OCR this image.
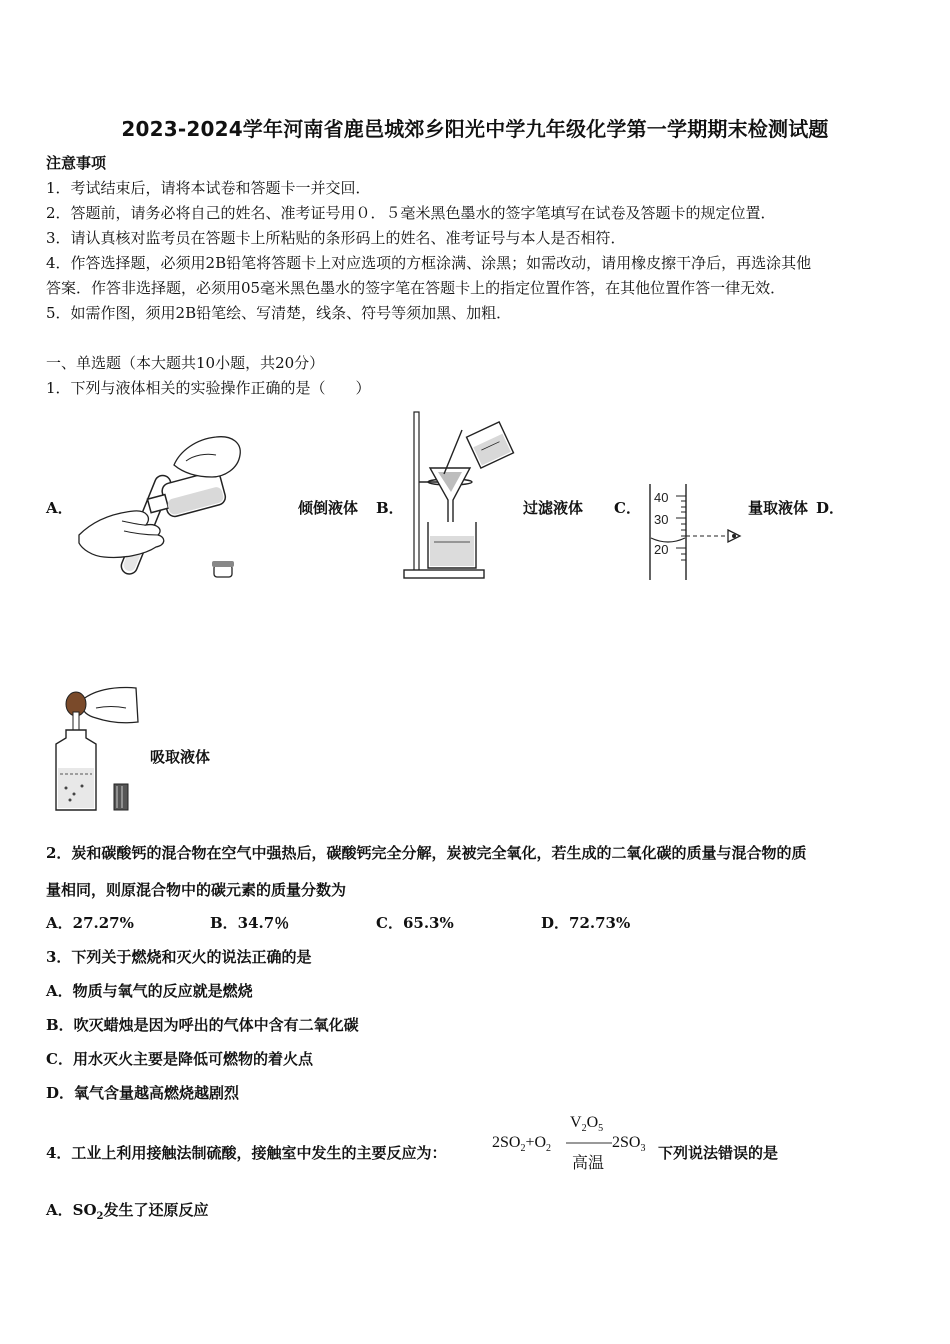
2023-2024学年河南省鹿邑城郊乡阳光中学九年级化学第一学期期末检测试题
注意事项
1．考试结束后，请将本试卷和答题卡一并交回．
2．答题前，请务必将自己的姓名、准考证号用０．５毫米黑色墨水的签字笔填写在试卷及答题卡的规定位置．
3．请认真核对监考员在答题卡上所粘贴的条形码上的姓名、准考证号与本人是否相符．
4．作答选择题，必须用2B铅笔将答题卡上对应选项的方框涂满、涂黑；如需改动，请用橡皮擦干净后，再选涂其他
答案．作答非选择题，必须用05毫米黑色墨水的签字笔在答题卡上的指定位置作答，在其他位置作答一律无效．
5．如需作图，须用2B铅笔绘、写清楚，线条、符号等须加黑、加粗．
一、单选题（本大题共10小题，共20分）
1．下列与液体相关的实验操作正确的是（　　）
A．	倾倒液体 B．	过滤液体 C．	量取液体 D．
吸取液体
40
30
20
2．炭和碳酸钙的混合物在空气中强热后，碳酸钙完全分解，炭被完全氧化，若生成的二氧化碳的质量与混合物的质
量相同，则原混合物中的碳元素的质量分数为
A．27.27%	B．34.7％	C．65.3%	D．72.73%
3．下列关于燃烧和灭火的说法正确的是
A．物质与氧气的反应就是燃烧
B．吹灭蜡烛是因为呼出的气体中含有二氧化碳
C．用水灭火主要是降低可燃物的着火点
D．氧气含量越高燃烧越剧烈
4．工业上利用接触法制硫酸，接触室中发生的主要反应为：
$2SO_2+O_2$
$V_2O_5$
高温
$2SO_3$ 下列说法错误的是
A．$SO_2$发生了还原反应
